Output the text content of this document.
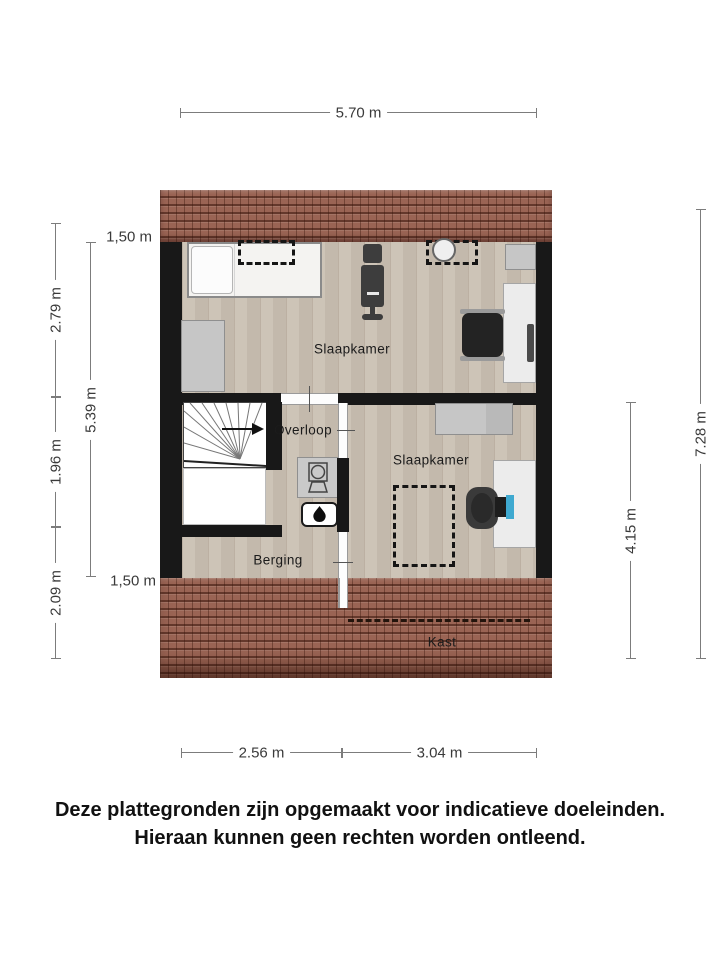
Slaapkamer
Overloop
Slaapkamer
Berging
Kast
5.70 m
2.79 m
1.96 m
2.09 m
5.39 m
4.15 m
7.28 m
2.56 m	3.04 m
1,50 m
1,50 m
Deze plattegronden zijn opgemaakt voor indicatieve doeleinden.
Hieraan kunnen geen rechten worden ontleend.
